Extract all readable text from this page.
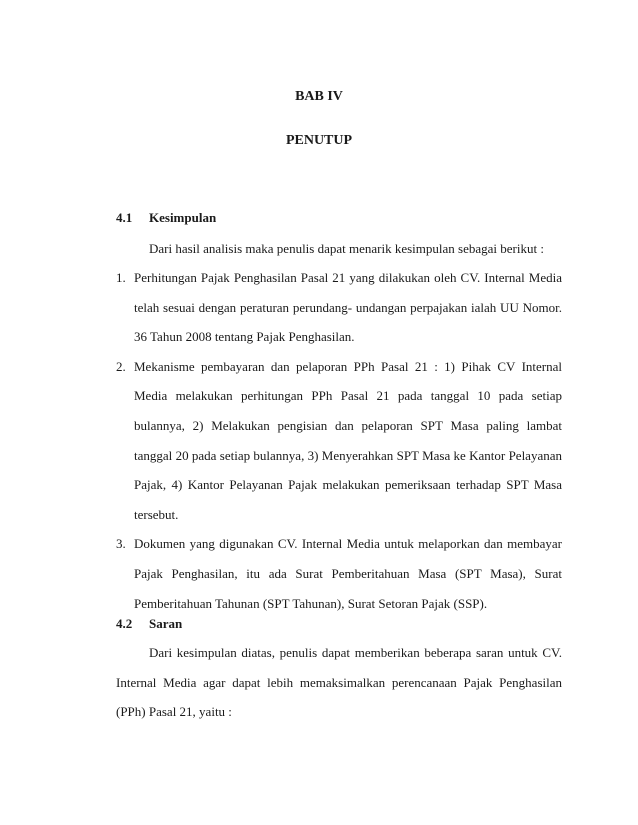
BAB IV
PENUTUP
4.1 Kesimpulan
Dari hasil analisis maka penulis dapat menarik kesimpulan sebagai berikut :
1. Perhitungan Pajak Penghasilan Pasal 21 yang dilakukan oleh CV. Internal Media telah sesuai dengan peraturan perundang- undangan perpajakan ialah UU Nomor. 36 Tahun 2008 tentang Pajak Penghasilan.
2. Mekanisme pembayaran dan pelaporan PPh Pasal 21 : 1) Pihak CV Internal Media melakukan perhitungan PPh Pasal 21 pada tanggal 10 pada setiap bulannya, 2) Melakukan pengisian dan pelaporan SPT Masa paling lambat tanggal 20 pada setiap bulannya, 3) Menyerahkan SPT Masa ke Kantor Pelayanan Pajak, 4) Kantor Pelayanan Pajak melakukan pemeriksaan terhadap SPT Masa tersebut.
3. Dokumen yang digunakan CV. Internal Media untuk melaporkan dan membayar Pajak Penghasilan, itu ada Surat Pemberitahuan Masa (SPT Masa), Surat Pemberitahuan Tahunan (SPT Tahunan), Surat Setoran Pajak (SSP).
4.2 Saran
Dari kesimpulan diatas, penulis dapat memberikan beberapa saran untuk CV. Internal Media agar dapat lebih memaksimalkan perencanaan Pajak Penghasilan (PPh) Pasal 21, yaitu :
